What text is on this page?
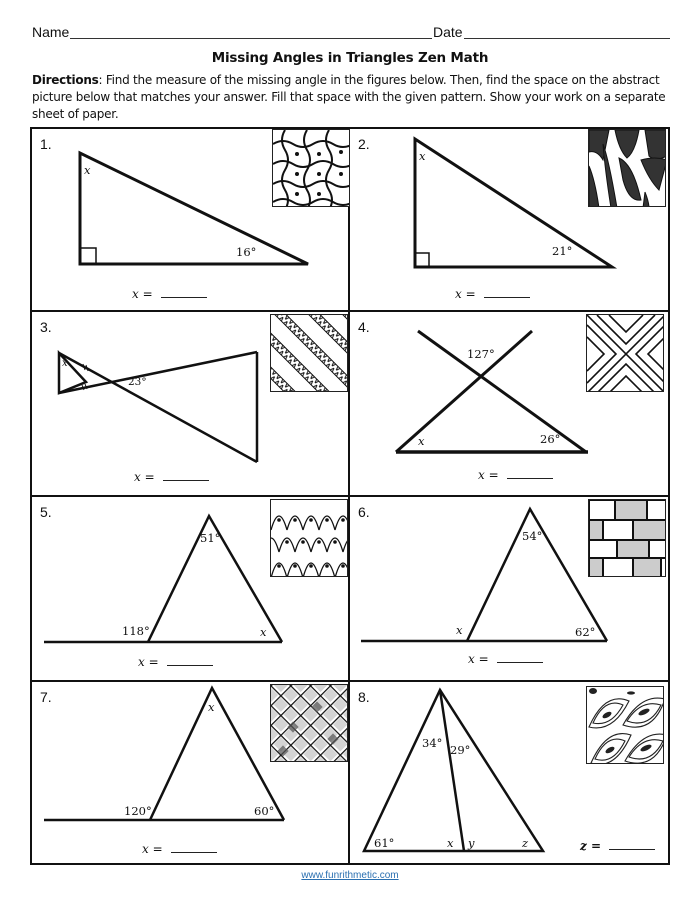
Name	Date
Missing Angles in Triangles Zen Math
Directions: Find the measure of the missing angle in the figures below. Then, find the space on the abstract picture below that matches your answer. Fill that space with the given pattern. Show your work on a separate sheet of paper.
1.
x
16°
x =
2.
x
21°
x =
3.
x
23°
x =
4.
127°
x	26°
x =
5.
51°
118°	x
x =
6.
54°
x	62°
x =
7.
x
120°	60°
x =
8.
34° 29°
61°	x y	z	z =
www.funrithmetic.com
